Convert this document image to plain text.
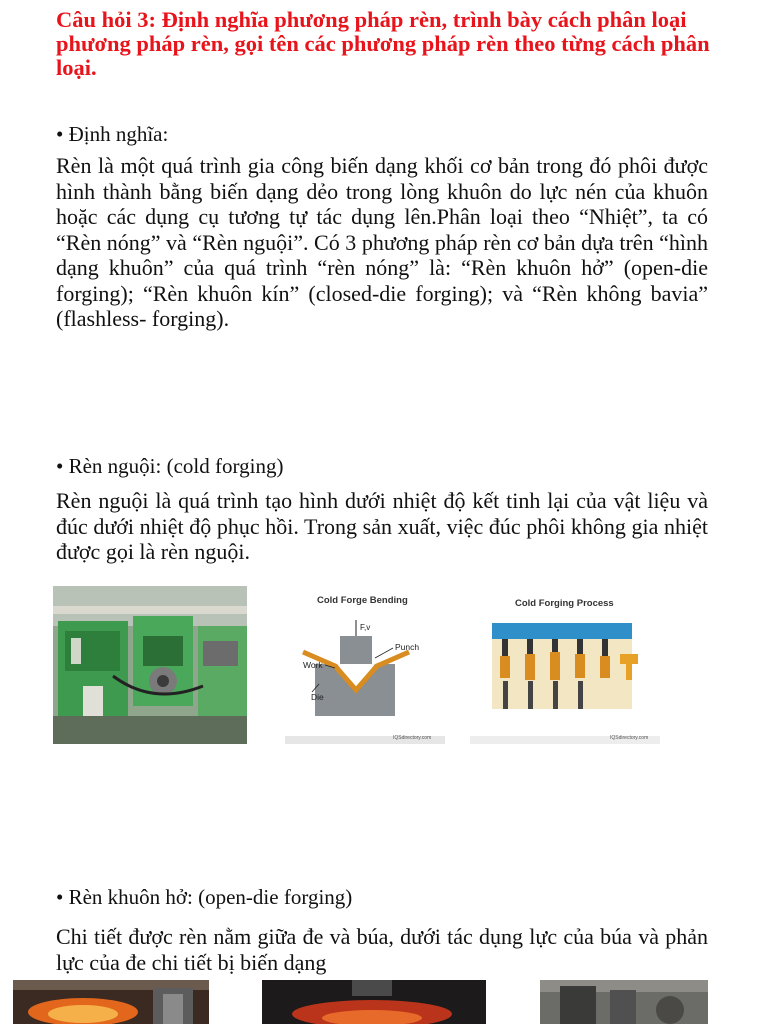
Câu hỏi 3: Định nghĩa phương pháp rèn, trình bày cách phân loại phương pháp rèn, gọi tên các phương pháp rèn theo từng cách phân loại.

• Định nghĩa:

Rèn là một quá trình gia công biến dạng khối cơ bản trong đó phôi được hình thành bằng biến dạng dẻo trong lòng khuôn do lực nén của khuôn hoặc các dụng cụ tương tự tác dụng lên.Phân loại theo “Nhiệt”, ta có “Rèn nóng” và “Rèn nguội”. Có 3 phương pháp rèn cơ bản dựa trên “hình dạng khuôn” của quá trình “rèn nóng” là: “Rèn khuôn hở” (open-die forging); “Rèn khuôn kín” (closed-die forging); và “Rèn không bavia” (flashless- forging).

• Rèn nguội: (cold forging)

Rèn nguội là quá trình tạo hình dưới nhiệt độ kết tinh lại của vật liệu và đúc dưới nhiệt độ phục hồi. Trong sản xuất, việc đúc phôi không gia nhiệt được gọi là rèn nguội.

Cold Forge Bending
F,v
Punch
Work
Die
IQSdirectory.com
Cold Forging Process
IQSdirectory.com

• Rèn khuôn hở: (open-die forging)

Chi tiết được rèn nằm giữa đe và búa, dưới tác dụng lực của búa và phản lực của đe chi tiết bị biến dạng
